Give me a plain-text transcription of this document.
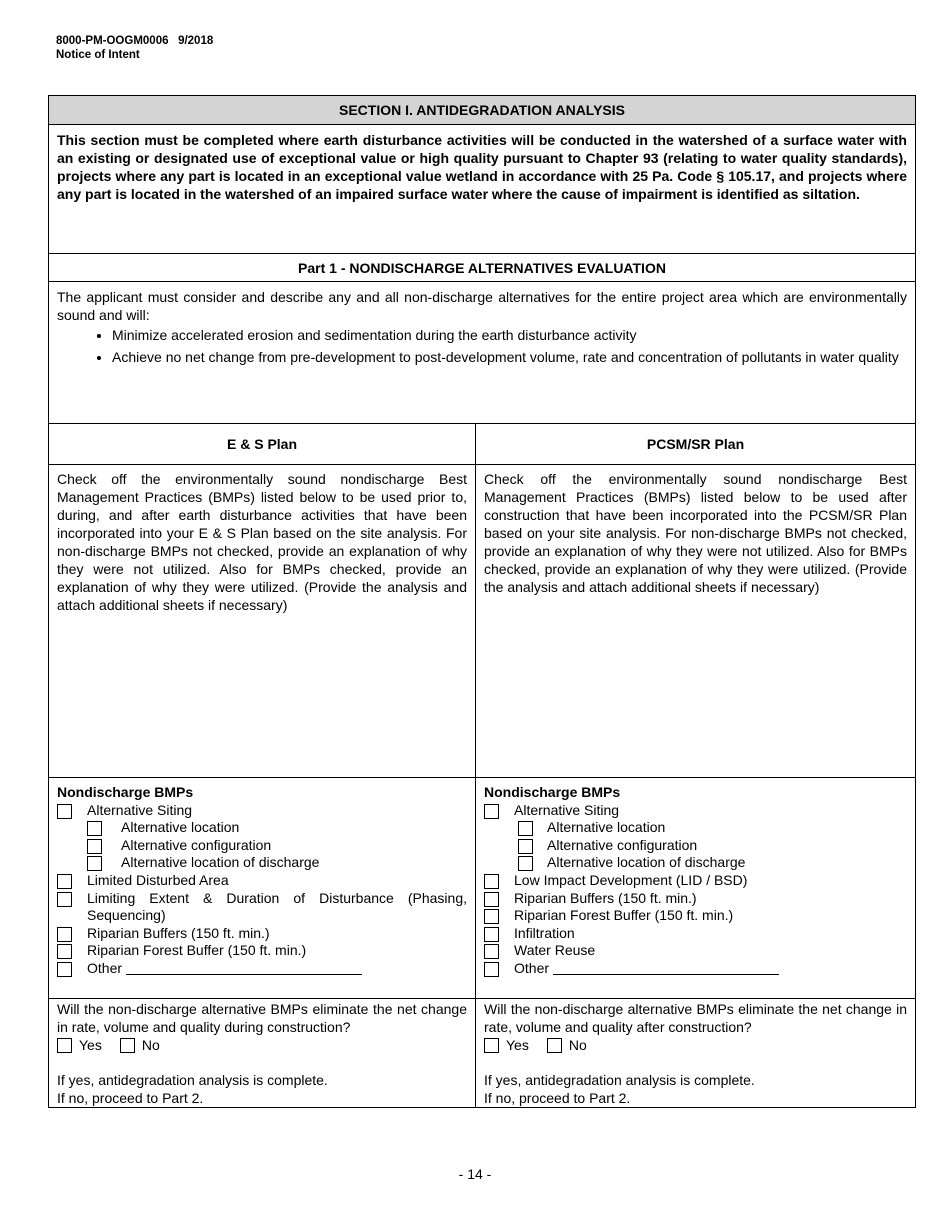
8000-PM-OOGM0006   9/2018
Notice of Intent
SECTION I. ANTIDEGRADATION ANALYSIS
This section must be completed where earth disturbance activities will be conducted in the watershed of a surface water with an existing or designated use of exceptional value or high quality pursuant to Chapter 93 (relating to water quality standards), projects where any part is located in an exceptional value wetland in accordance with 25 Pa. Code § 105.17, and projects where any part is located in the watershed of an impaired surface water where the cause of impairment is identified as siltation.
Part 1 - NONDISCHARGE ALTERNATIVES EVALUATION
The applicant must consider and describe any and all non-discharge alternatives for the entire project area which are environmentally sound and will:
• Minimize accelerated erosion and sedimentation during the earth disturbance activity
• Achieve no net change from pre-development to post-development volume, rate and concentration of pollutants in water quality
E & S Plan	PCSM/SR Plan
Check off the environmentally sound nondischarge Best Management Practices (BMPs) listed below to be used prior to, during, and after earth disturbance activities that have been incorporated into your E & S Plan based on the site analysis. For non-discharge BMPs not checked, provide an explanation of why they were not utilized. Also for BMPs checked, provide an explanation of why they were utilized. (Provide the analysis and attach additional sheets if necessary)
Check off the environmentally sound nondischarge Best Management Practices (BMPs) listed below to be used after construction that have been incorporated into the PCSM/SR Plan based on your site analysis. For non-discharge BMPs not checked, provide an explanation of why they were not utilized. Also for BMPs checked, provide an explanation of why they were utilized. (Provide the analysis and attach additional sheets if necessary)
Nondischarge BMPs
Alternative Siting
Alternative location
Alternative configuration
Alternative location of discharge
Limited Disturbed Area
Limiting Extent & Duration of Disturbance (Phasing, Sequencing)
Riparian Buffers (150 ft. min.)
Riparian Forest Buffer (150 ft. min.)
Other

Nondischarge BMPs
Alternative Siting
Alternative location
Alternative configuration
Alternative location of discharge
Low Impact Development (LID / BSD)
Riparian Buffers (150 ft. min.)
Riparian Forest Buffer (150 ft. min.)
Infiltration
Water Reuse
Other

Will the non-discharge alternative BMPs eliminate the net change in rate, volume and quality during construction?
Yes	No
If yes, antidegradation analysis is complete.
If no, proceed to Part 2.
Will the non-discharge alternative BMPs eliminate the net change in rate, volume and quality after construction?
Yes	No
If yes, antidegradation analysis is complete.
If no, proceed to Part 2.
- 14 -
